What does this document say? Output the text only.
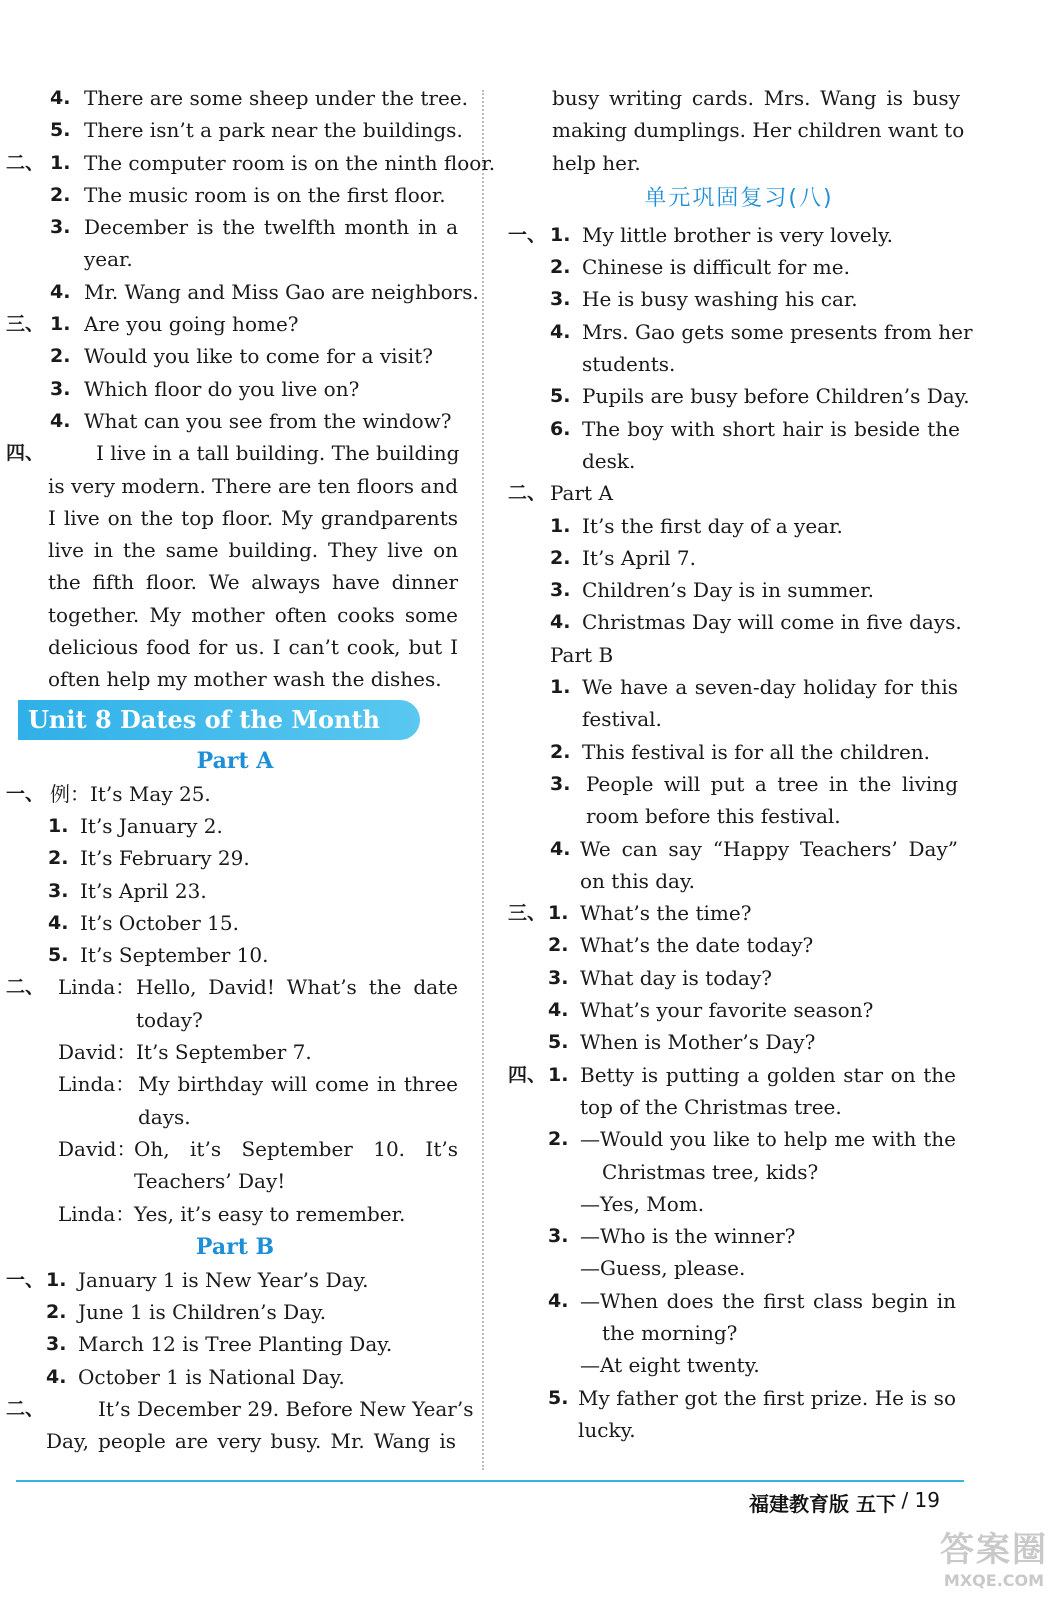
4. There are some sheep under the tree.
5. There isn’t a park near the buildings.
二、 1. The computer room is on the ninth floor.
2. The music room is on the first floor.
3. December is the twelfth month in a
year.
4. Mr. Wang and Miss Gao are neighbors.
三、 1. Are you going home?
2. Would you like to come for a visit?
3. Which floor do you live on?
4. What can you see from the window?
四、	I live in a tall building. The building
is very modern. There are ten floors and
I live on the top floor. My grandparents
live in the same building. They live on
the fifth floor. We always have dinner
together. My mother often cooks some
delicious food for us. I can’t cook, but I
often help my mother wash the dishes.
Unit 8 Dates of the Month
Part A
一、 例：It’s May 25.
1. It’s January 2.
2. It’s February 29.
3. It’s April 23.
4. It’s October 15.
5. It’s September 10.
二、 Linda： Hello, David! What’s the date
today?
David： It’s September 7.
Linda： My birthday will come in three
days.
David：
Oh, it’s September 10. It’s
Teachers’ Day!
Linda：
Yes, it’s easy to remember.
Part B
一、 1. January 1 is New Year’s Day.
2. June 1 is Children’s Day.
3. March 12 is Tree Planting Day.
4. October 1 is National Day.
二、	It’s December 29. Before New Year’s
Day, people are very busy. Mr. Wang is
busy writing cards. Mrs. Wang is busy
making dumplings. Her children want to
help her.
单元巩固复习(八)
一、 1. My little brother is very lovely.
2. Chinese is difficult for me.
3. He is busy washing his car.
4. Mrs. Gao gets some presents from her
students.
5. Pupils are busy before Children’s Day.
6. The boy with short hair is beside the
desk.
二、 Part A
1. It’s the first day of a year.
2. It’s April 7.
3. Children’s Day is in summer.
4. Christmas Day will come in five days.
Part B
1. We have a seven-day holiday for this
festival.
2. This festival is for all the children.
3. People will put a tree in the living
room before this festival.
4. We can say “Happy Teachers’ Day”
on this day.
三、 1. What’s the time?
2. What’s the date today?
3. What day is today?
4. What’s your favorite season?
5. When is Mother’s Day?
四、 1. Betty is putting a golden star on the
top of the Christmas tree.
2. —Would you like to help me with the
Christmas tree, kids?
—Yes, Mom.
3. —Who is the winner?
—Guess, please.
4. —When does the first class begin in
the morning?
—At eight twenty.
5. My father got the first prize. He is so
lucky.
福建教育版 五下 / 19
答案圈
MXQE.COM
